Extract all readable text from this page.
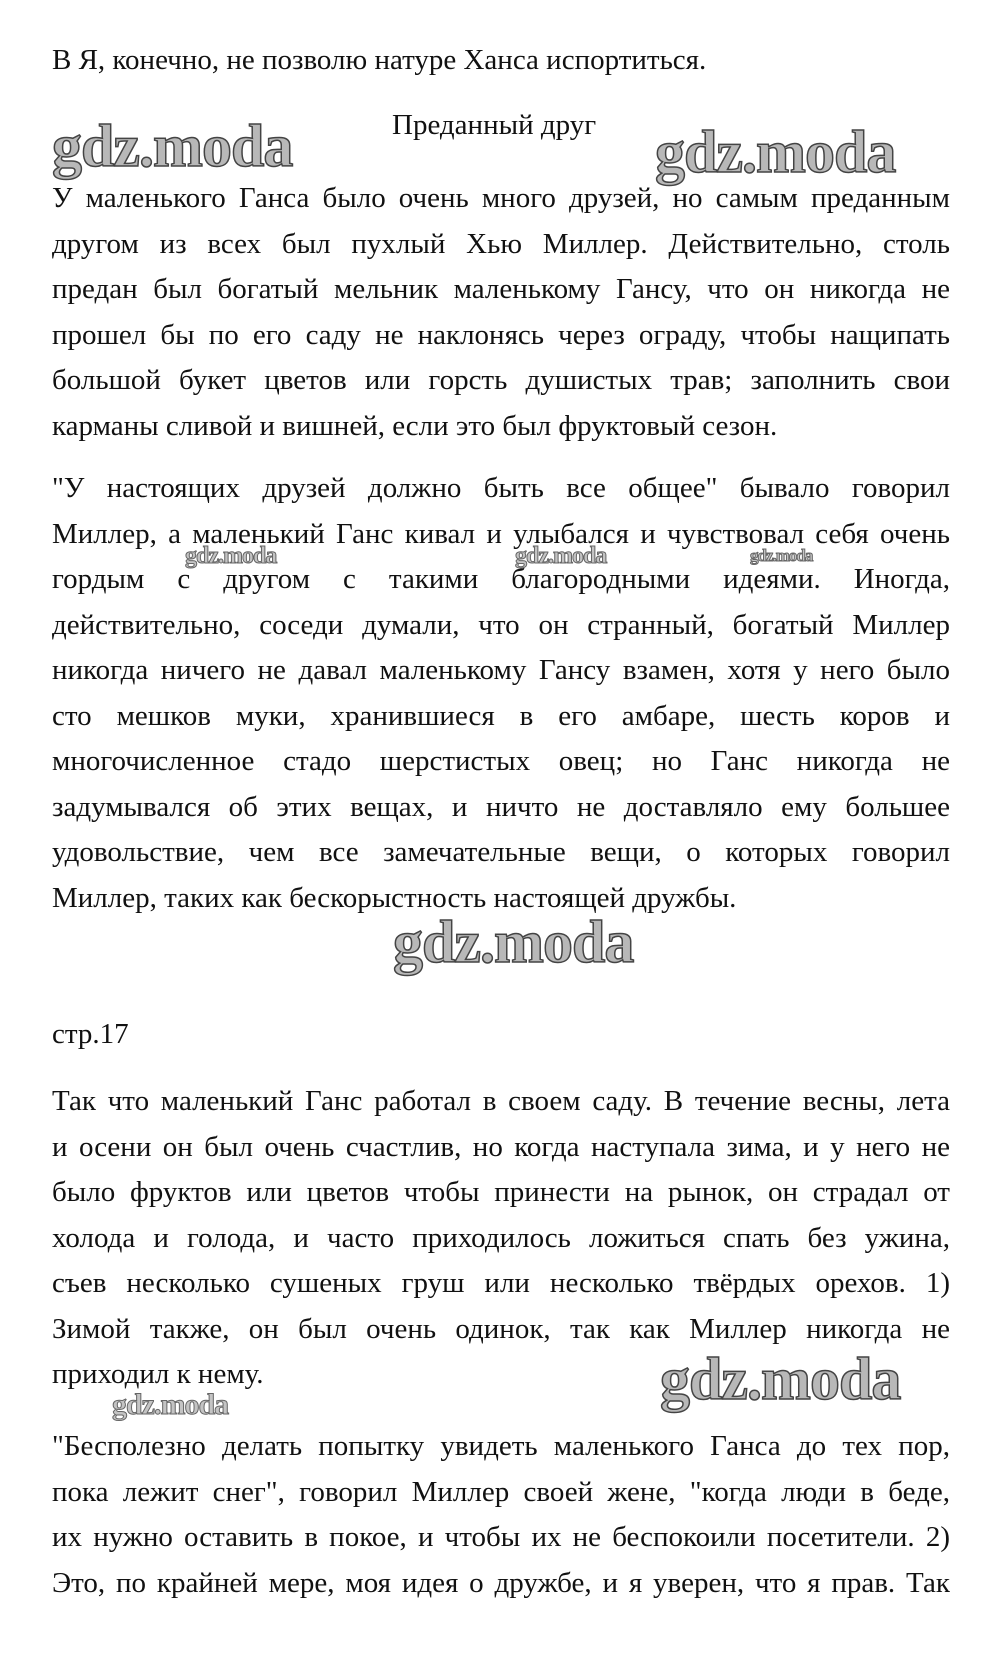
В Я, конечно, не позволю натуре Ханса испортиться.
Преданный друг
gdz.moda	gdz.moda
У маленького Ганса было очень много друзей, но самым преданным
другом из всех был пухлый Хью Миллер. Действительно, столь
предан был богатый мельник маленькому Гансу, что он никогда не
прошел бы по его саду не наклонясь через ограду, чтобы нащипать
большой букет цветов или горсть душистых трав; заполнить свои
карманы сливой и вишней, если это был фруктовый сезон.
"У настоящих друзей должно быть все общее" бывало говорил
Миллер, а маленький Ганс кивал и улыбался и чувствовал себя очень
гордым с другом с такими благородными идеями. Иногда,
действительно, соседи думали, что он странный, богатый Миллер
никогда ничего не давал маленькому Гансу взамен, хотя у него было
сто мешков муки, хранившиеся в его амбаре, шесть коров и
многочисленное стадо шерстистых овец; но Ганс никогда не
задумывался об этих вещах, и ничто не доставляло ему большее
удовольствие, чем все замечательные вещи, о которых говорил
Миллер, таких как бескорыстность настоящей дружбы.
gdz.moda	gdz.moda	gdz.moda
gdz.moda
стр.17
Так что маленький Ганс работал в своем саду. В течение весны, лета
и осени он был очень счастлив, но когда наступала зима, и у него не
было фруктов или цветов чтобы принести на рынок, он страдал от
холода и голода, и часто приходилось ложиться спать без ужина,
съев несколько сушеных груш или несколько твёрдых орехов. 1)
Зимой также, он был очень одинок, так как Миллер никогда не
приходил к нему.	gdz.moda
gdz.moda
"Бесполезно делать попытку увидеть маленького Ганса до тех пор,
пока лежит снег", говорил Миллер своей жене, "когда люди в беде,
их нужно оставить в покое, и чтобы их не беспокоили посетители. 2)
Это, по крайней мере, моя идея о дружбе, и я уверен, что я прав. Так
